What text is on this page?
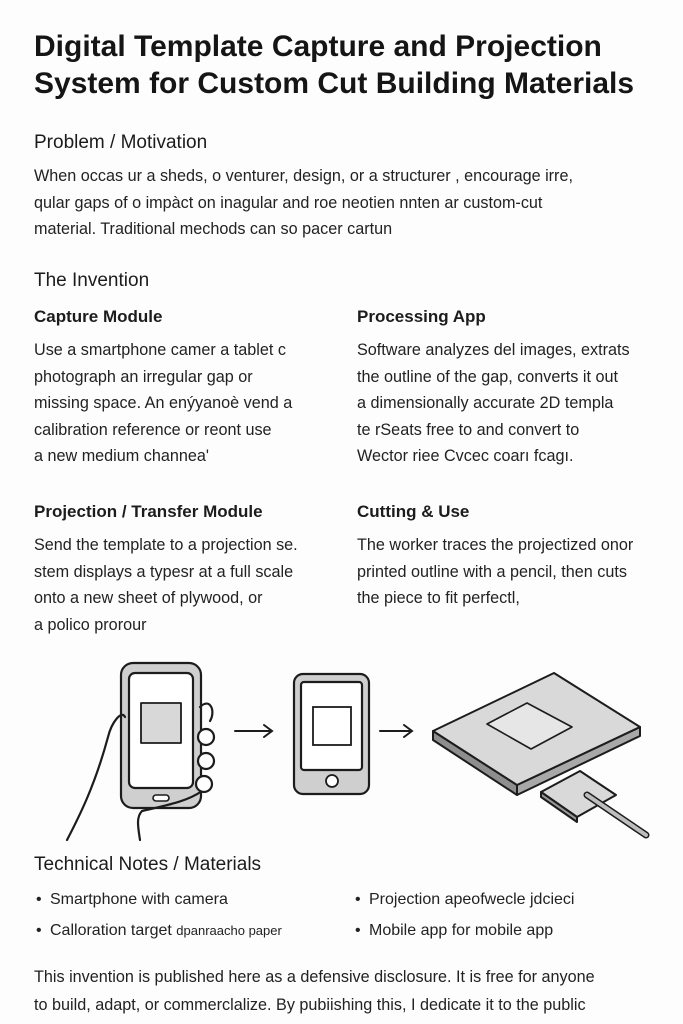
Digital Template Capture and Projection System for Custom Cut Building Materials
Problem / Motivation

When occas ur a sheds, o venturer, design, or a structurer , encourage irre,
qular gaps of o impàct on inagular and roe neotien nnten ar custom-cut
material. Traditional mechods can so pacer cartun

The Invention
Capture Module

Use a smartphone camer a tablet c
photograph an irregular gap or
missing space. An enýyanoè vend a
calibration reference or reont use
a new medium channea'

Processing App

Software analyzes del images, extrats
the outline of the gap, converts it out
a dimensionally accurate 2D templa
te rSeats free to and convert to
Wector riee Cvcec coarı fcagı.

Projection / Transfer Module

Send the template to a projection se.
stem displays a typesr at a full scale
onto a new sheet of plywood, or
a polico prorour

Cutting & Use

The worker traces the projectized onor
printed outline with a pencil, then cuts
the piece to fit perfectl,

Technical Notes / Materials
• Smartphone with camera
• Calloration target dpanraacho paper
• Projection apeofwecle jdcieci
• Mobile app for mobile app

This invention is published here as a defensive disclosure. It is free for anyone
to build, adapt, or commerclalize. By pubiishing this, I dedicate it to the public
